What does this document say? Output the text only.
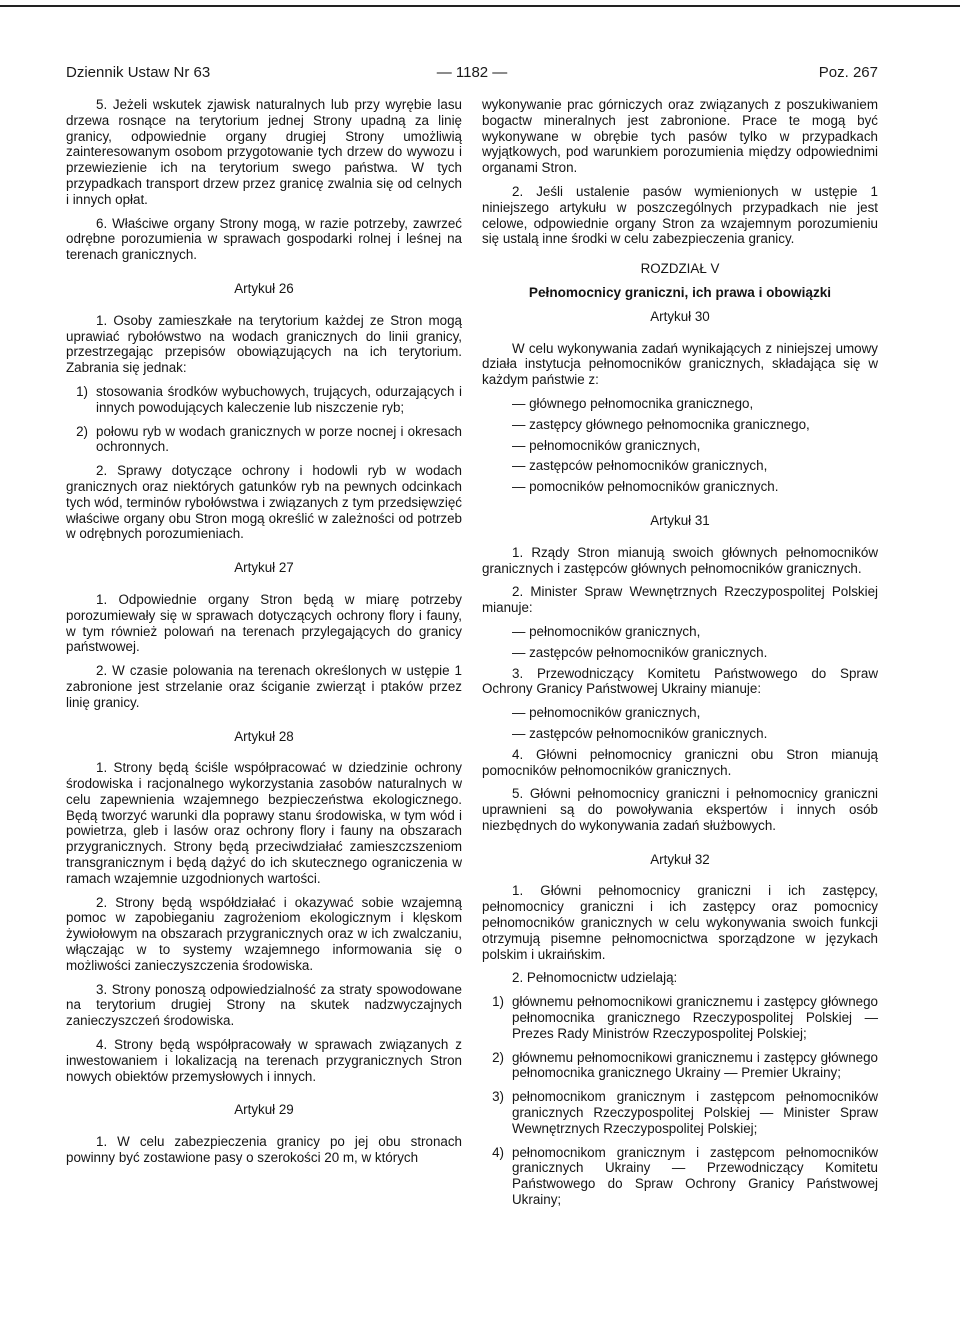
Dziennik Ustaw Nr 63	— 1182 —	Poz. 267

5. Jeżeli wskutek zjawisk naturalnych lub przy wyrębie lasu drzewa rosnące na terytorium jednej Strony upadną za linię granicy, odpowiednie organy drugiej Strony umożliwią zainteresowanym osobom przygotowanie tych drzew do wywozu i przewiezienie ich na terytorium swego państwa. W tych przypadkach transport drzew przez granicę zwalnia się od celnych i innych opłat.

6. Właściwe organy Strony mogą, w razie potrzeby, zawrzeć odrębne porozumienia w sprawach gospodarki rolnej i leśnej na terenach granicznych.

Artykuł 26

1. Osoby zamieszkałe na terytorium każdej ze Stron mogą uprawiać rybołówstwo na wodach granicznych do linii granicy, przestrzegając przepisów obowiązujących na ich terytorium. Zabrania się jednak:

1) stosowania środków wybuchowych, trujących, odurzających i innych powodujących kaleczenie lub niszczenie ryb;
2) połowu ryb w wodach granicznych w porze nocnej i okresach ochronnych.

2. Sprawy dotyczące ochrony i hodowli ryb w wodach granicznych oraz niektórych gatunków ryb na pewnych odcinkach tych wód, terminów rybołówstwa i związanych z tym przedsięwzięć właściwe organy obu Stron mogą określić w zależności od potrzeb w odrębnych porozumieniach.

Artykuł 27

1. Odpowiednie organy Stron będą w miarę potrzeby porozumiewały się w sprawach dotyczących ochrony flory i fauny, w tym również polowań na terenach przylegających do granicy państwowej.

2. W czasie polowania na terenach określonych w ustępie 1 zabronione jest strzelanie oraz ściganie zwierząt i ptaków przez linię granicy.

Artykuł 28

1. Strony będą ściśle współpracować w dziedzinie ochrony środowiska i racjonalnego wykorzystania zasobów naturalnych w celu zapewnienia wzajemnego bezpieczeństwa ekologicznego. Będą tworzyć warunki dla poprawy stanu środowiska, w tym wód i powietrza, gleb i lasów oraz ochrony flory i fauny na obszarach przygranicznych. Strony będą przeciwdziałać zamieszczszeniom transgranicznym i będą dążyć do ich skutecznego ograniczenia w ramach wzajemnie uzgodnionych wartości.

2. Strony będą współdziałać i okazywać sobie wzajemną pomoc w zapobieganiu zagrożeniom ekologicznym i klęskom żywiołowym na obszarach przygranicznych oraz w ich zwalczaniu, włączając w to systemy wzajemnego informowania się o możliwości zanieczyszczenia środowiska.

3. Strony ponoszą odpowiedzialność za straty spowodowane na terytorium drugiej Strony na skutek nadzwyczajnych zanieczyszczeń środowiska.

4. Strony będą współpracowały w sprawach związanych z inwestowaniem i lokalizacją na terenach przygranicznych Stron nowych obiektów przemysłowych i innych.

Artykuł 29

1. W celu zabezpieczenia granicy po jej obu stronach powinny być zostawione pasy o szerokości 20 m, w których

wykonywanie prac górniczych oraz związanych z poszukiwaniem bogactw mineralnych jest zabronione. Prace te mogą być wykonywane w obrębie tych pasów tylko w przypadkach wyjątkowych, pod warunkiem porozumienia między odpowiednimi organami Stron.

2. Jeśli ustalenie pasów wymienionych w ustępie 1 niniejszego artykułu w poszczególnych przypadkach nie jest celowe, odpowiednie organy Stron za wzajemnym porozumieniu się ustalą inne środki w celu zabezpieczenia granicy.

ROZDZIAŁ V
Pełnomocnicy graniczni, ich prawa i obowiązki
Artykuł 30

W celu wykonywania zadań wynikających z niniejszej umowy działa instytucja pełnomocników granicznych, składająca się w każdym państwie z:

— głównego pełnomocnika granicznego,
— zastępcy głównego pełnomocnika granicznego,
— pełnomocników granicznych,
— zastępców pełnomocników granicznych,
— pomocników pełnomocników granicznych.
Artykuł 31

1. Rządy Stron mianują swoich głównych pełnomocników granicznych i zastępców głównych pełnomocników granicznych.

2. Minister Spraw Wewnętrznych Rzeczypospolitej Polskiej mianuje:

— pełnomocników granicznych,
— zastępców pełnomocników granicznych.

3. Przewodniczący Komitetu Państwowego do Spraw Ochrony Granicy Państwowej Ukrainy mianuje:

— pełnomocników granicznych,
— zastępców pełnomocników granicznych.

4. Główni pełnomocnicy graniczni obu Stron mianują pomocników pełnomocników granicznych.

5. Główni pełnomocnicy graniczni i pełnomocnicy graniczni uprawnieni są do powoływania ekspertów i innych osób niezbędnych do wykonywania zadań służbowych.

Artykuł 32

1. Główni pełnomocnicy graniczni i ich zastępcy, pełnomocnicy graniczni i ich zastępcy oraz pomocnicy pełnomocników granicznych w celu wykonywania swoich funkcji otrzymują pisemne pełnomocnictwa sporządzone w językach polskim i ukraińskim.

2. Pełnomocnictw udzielają:

1) głównemu pełnomocnikowi granicznemu i zastępcy głównego pełnomocnika granicznego Rzeczypospolitej Polskiej — Prezes Rady Ministrów Rzeczypospolitej Polskiej;
2) głównemu pełnomocnikowi granicznemu i zastępcy głównego pełnomocnika granicznego Ukrainy — Premier Ukrainy;
3) pełnomocnikom granicznym i zastępcom pełnomocników granicznych Rzeczypospolitej Polskiej — Minister Spraw Wewnętrznych Rzeczypospolitej Polskiej;
4) pełnomocnikom granicznym i zastępcom pełnomocników granicznych Ukrainy — Przewodniczący Komitetu Państwowego do Spraw Ochrony Granicy Państwowej Ukrainy;
